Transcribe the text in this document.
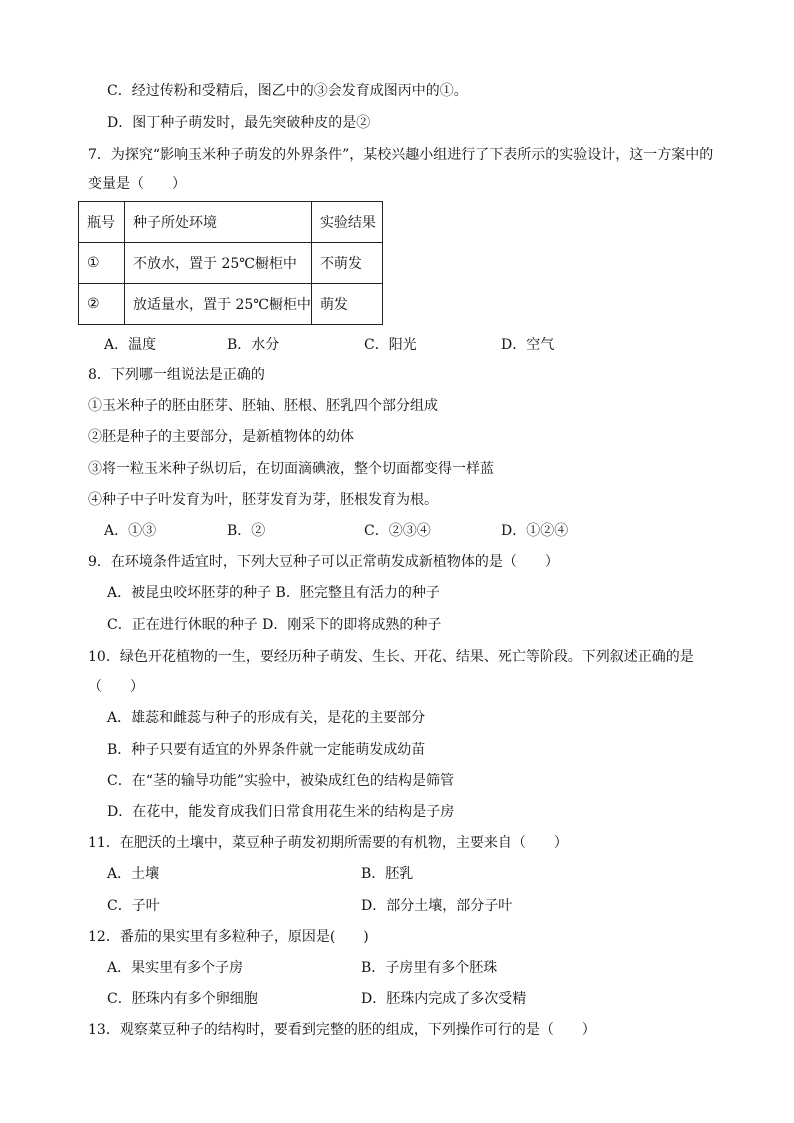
C．经过传粉和受精后，图乙中的③会发育成图丙中的①。
D．图丁种子萌发时，最先突破种皮的是②
7．为探究“影响玉米种子萌发的外界条件”，某校兴趣小组进行了下表所示的实验设计，这一方案中的
变量是（　　）
瓶号	种子所处环境	实验结果
①	不放水，置于 25℃橱柜中	不萌发
②	放适量水，置于 25℃橱柜中	萌发
A．温度	B．水分	C．阳光	D．空气
8．下列哪一组说法是正确的
①玉米种子的胚由胚芽、胚轴、胚根、胚乳四个部分组成
②胚是种子的主要部分，是新植物体的幼体
③将一粒玉米种子纵切后，在切面滴碘液，整个切面都变得一样蓝
④种子中子叶发育为叶，胚芽发育为芽，胚根发育为根。
A．①③	B．②	C．②③④	D．①②④
9．在环境条件适宜时，下列大豆种子可以正常萌发成新植物体的是（　　）
A．被昆虫咬坏胚芽的种子 B．胚完整且有活力的种子
C．正在进行休眠的种子 D．刚采下的即将成熟的种子
10．绿色开花植物的一生，要经历种子萌发、生长、开花、结果、死亡等阶段。下列叙述正确的是
（　　）
A．雄蕊和雌蕊与种子的形成有关，是花的主要部分
B．种子只要有适宜的外界条件就一定能萌发成幼苗
C．在“茎的输导功能”实验中，被染成红色的结构是筛管
D．在花中，能发育成我们日常食用花生米的结构是子房
11．在肥沃的土壤中，菜豆种子萌发初期所需要的有机物，主要来自（　　）
A．土壤	B．胚乳
C．子叶	D．部分土壤，部分子叶
12．番茄的果实里有多粒种子，原因是(　　)
A．果实里有多个子房	B．子房里有多个胚珠
C．胚珠内有多个卵细胞	D．胚珠内完成了多次受精
13．观察菜豆种子的结构时，要看到完整的胚的组成，下列操作可行的是（　　）
